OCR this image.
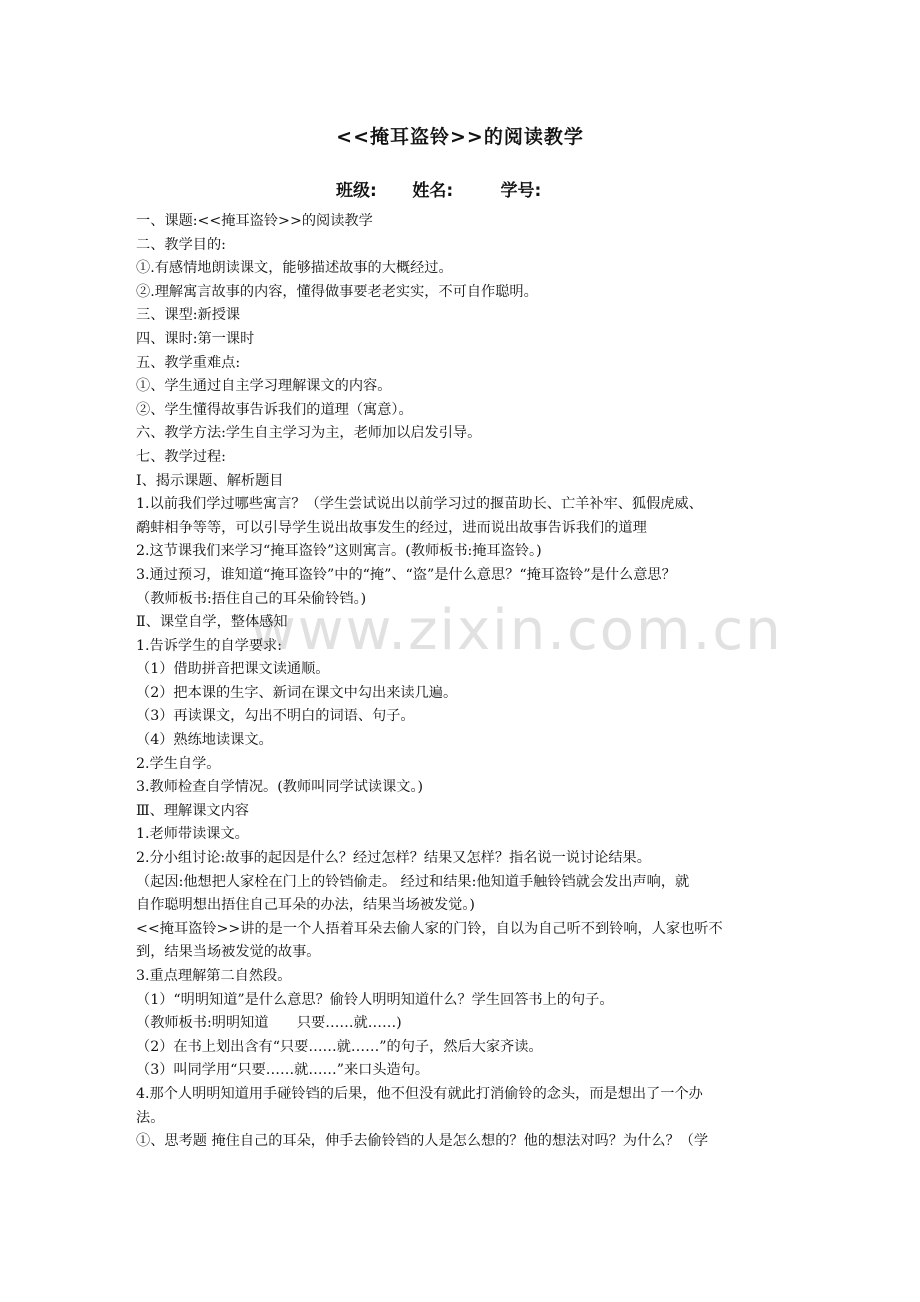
www.zixin.com.cn
<<掩耳盗铃>>的阅读教学
班级: 姓名:	学号:
一、课题:<<掩耳盗铃>>的阅读教学
二、教学目的:
①.有感情地朗读课文，能够描述故事的大概经过。
②.理解寓言故事的内容，懂得做事要老老实实，不可自作聪明。
三、课型:新授课
四、课时:第一课时
五、教学重难点:
①、学生通过自主学习理解课文的内容。
②、学生懂得故事告诉我们的道理（寓意）。
六、教学方法:学生自主学习为主，老师加以启发引导。
七、教学过程:
Ⅰ、揭示课题、解析题目
1.以前我们学过哪些寓言？（学生尝试说出以前学习过的揠苗助长、亡羊补牢、狐假虎威、
鹬蚌相争等等，可以引导学生说出故事发生的经过，进而说出故事告诉我们的道理
2.这节课我们来学习“掩耳盗铃”这则寓言。(教师板书:掩耳盗铃。)
3.通过预习，谁知道“掩耳盗铃”中的“掩”、“盗”是什么意思？“掩耳盗铃”是什么意思？
（教师板书:捂住自己的耳朵偷铃铛。)
Ⅱ、课堂自学，整体感知
1.告诉学生的自学要求:
（1）借助拼音把课文读通顺。
（2）把本课的生字、新词在课文中勾出来读几遍。
（3）再读课文，勾出不明白的词语、句子。
（4）熟练地读课文。
2.学生自学。
3.教师检查自学情况。(教师叫同学试读课文。)
Ⅲ、理解课文内容
1.老师带读课文。
2.分小组讨论:故事的起因是什么？经过怎样？结果又怎样？指名说一说讨论结果。
（起因:他想把人家栓在门上的铃铛偷走。 经过和结果:他知道手触铃铛就会发出声响，就
自作聪明想出捂住自己耳朵的办法，结果当场被发觉。)
<<掩耳盗铃>>讲的是一个人捂着耳朵去偷人家的门铃，自以为自己听不到铃响，人家也听不
到，结果当场被发觉的故事。
3.重点理解第二自然段。
（1）“明明知道”是什么意思？偷铃人明明知道什么？学生回答书上的句子。
（教师板书:明明知道　　只要……就……)
（2）在书上划出含有“只要……就……”的句子，然后大家齐读。
（3）叫同学用“只要……就……”来口头造句。
4.那个人明明知道用手碰铃铛的后果，他不但没有就此打消偷铃的念头，而是想出了一个办
法。
①、思考题 掩住自己的耳朵，伸手去偷铃铛的人是怎么想的？他的想法对吗？为什么？（学
